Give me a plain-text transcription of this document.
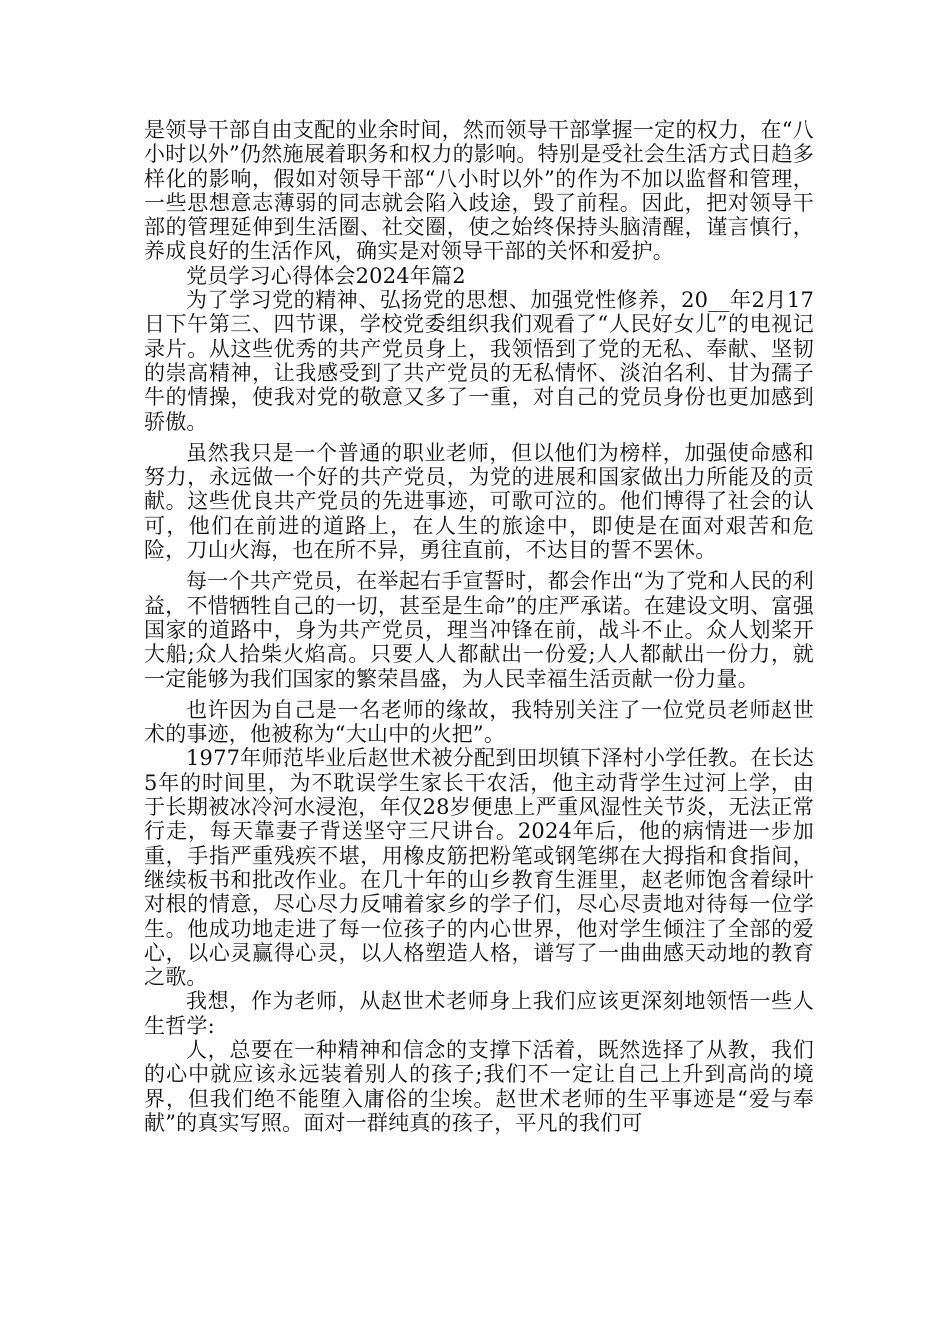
是领导干部自由支配的业余时间，然而领导干部掌握一定的权力，在“八小时以外”仍然施展着职务和权力的影响。特别是受社会生活方式日趋多样化的影响，假如对领导干部“八小时以外”的作为不加以监督和管理，一些思想意志薄弱的同志就会陷入歧途，毁了前程。因此，把对领导干部的管理延伸到生活圈、社交圈，使之始终保持头脑清醒，谨言慎行，养成良好的生活作风，确实是对领导干部的关怀和爱护。

党员学习心得体会2024年篇2

为了学习党的精神、弘扬党的思想、加强党性修养，20__年2月17日下午第三、四节课，学校党委组织我们观看了“人民好女儿”的电视记录片。从这些优秀的共产党员身上，我领悟到了党的无私、奉献、坚韧的崇高精神，让我感受到了共产党员的无私情怀、淡泊名利、甘为孺子牛的情操，使我对党的敬意又多了一重，对自己的党员身份也更加感到骄傲。

虽然我只是一个普通的职业老师，但以他们为榜样，加强使命感和努力，永远做一个好的共产党员，为党的进展和国家做出力所能及的贡献。这些优良共产党员的先进事迹，可歌可泣的。他们博得了社会的认可，他们在前进的道路上，在人生的旅途中，即使是在面对艰苦和危险，刀山火海，也在所不异，勇往直前，不达目的誓不罢休。

每一个共产党员，在举起右手宣誓时，都会作出“为了党和人民的利益，不惜牺牲自己的一切，甚至是生命”的庄严承诺。在建设文明、富强国家的道路中，身为共产党员，理当冲锋在前，战斗不止。众人划桨开大船;众人拾柴火焰高。只要人人都献出一份爱;人人都献出一份力，就一定能够为我们国家的繁荣昌盛，为人民幸福生活贡献一份力量。

也许因为自己是一名老师的缘故，我特别关注了一位党员老师赵世术的事迹，他被称为“大山中的火把”。

1977年师范毕业后赵世术被分配到田坝镇下泽村小学任教。在长达5年的时间里，为不耽误学生家长干农活，他主动背学生过河上学，由于长期被冰冷河水浸泡，年仅28岁便患上严重风湿性关节炎，无法正常行走，每天靠妻子背送坚守三尺讲台。2024年后，他的病情进一步加重，手指严重残疾不堪，用橡皮筋把粉笔或钢笔绑在大拇指和食指间，继续板书和批改作业。在几十年的山乡教育生涯里，赵老师饱含着绿叶对根的情意，尽心尽力反哺着家乡的学子们，尽心尽责地对待每一位学生。他成功地走进了每一位孩子的内心世界，他对学生倾注了全部的爱心，以心灵赢得心灵，以人格塑造人格，谱写了一曲曲感天动地的教育之歌。

我想，作为老师，从赵世术老师身上我们应该更深刻地领悟一些人生哲学:

人，总要在一种精神和信念的支撑下活着，既然选择了从教，我们的心中就应该永远装着别人的孩子;我们不一定让自己上升到高尚的境界，但我们绝不能堕入庸俗的尘埃。赵世术老师的生平事迹是“爱与奉献”的真实写照。面对一群纯真的孩子，平凡的我们可
